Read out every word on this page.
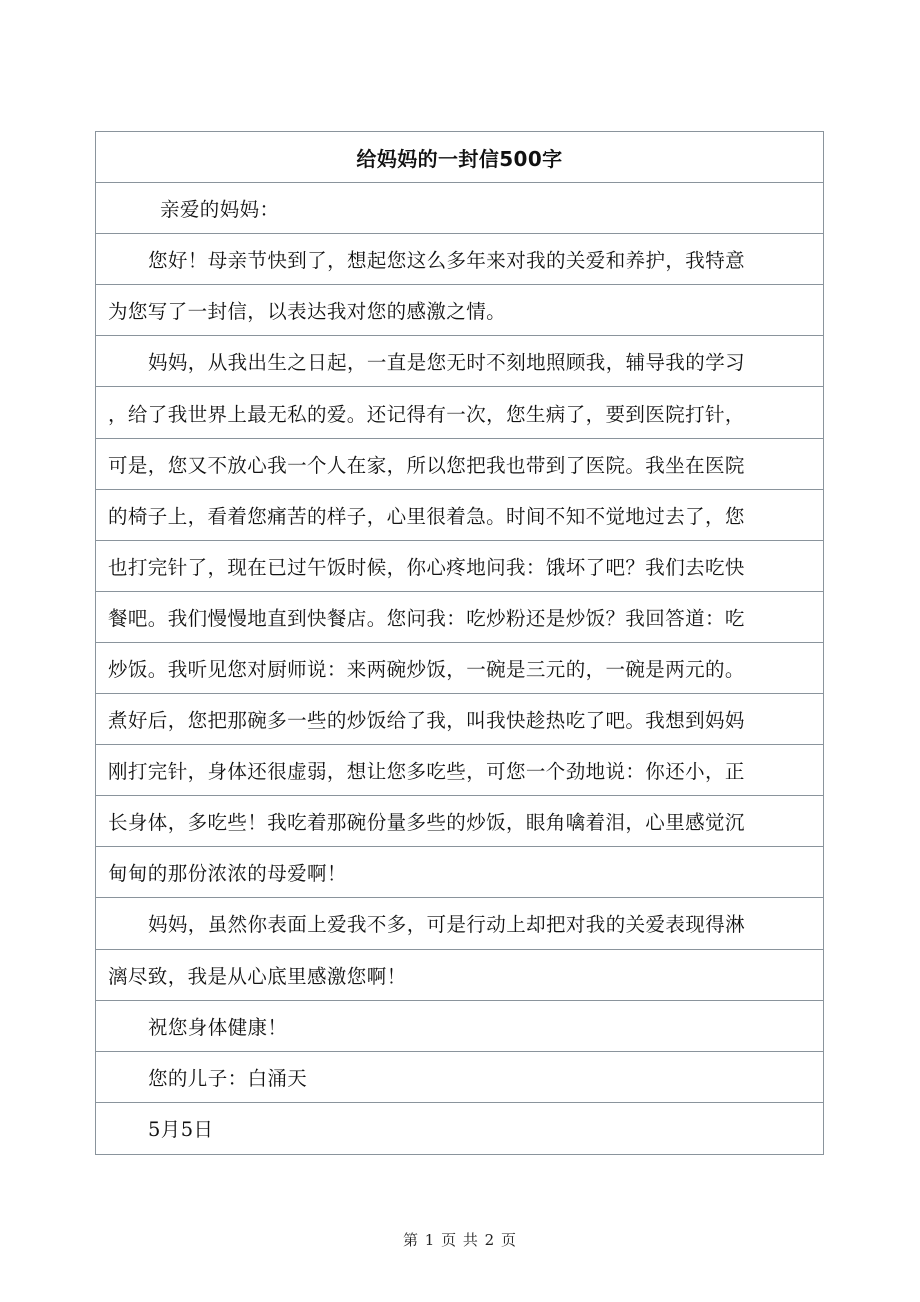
给妈妈的一封信500字
亲爱的妈妈：
您好！母亲节快到了，想起您这么多年来对我的关爱和养护，我特意
为您写了一封信，以表达我对您的感激之情。
妈妈，从我出生之日起，一直是您无时不刻地照顾我，辅导我的学习
，给了我世界上最无私的爱。还记得有一次，您生病了，要到医院打针，
可是，您又不放心我一个人在家，所以您把我也带到了医院。我坐在医院
的椅子上，看着您痛苦的样子，心里很着急。时间不知不觉地过去了，您
也打完针了，现在已过午饭时候，你心疼地问我：饿坏了吧？我们去吃快
餐吧。我们慢慢地直到快餐店。您问我：吃炒粉还是炒饭？我回答道：吃
炒饭。我听见您对厨师说：来两碗炒饭，一碗是三元的，一碗是两元的。
煮好后，您把那碗多一些的炒饭给了我，叫我快趁热吃了吧。我想到妈妈
刚打完针，身体还很虚弱，想让您多吃些，可您一个劲地说：你还小，正
长身体，多吃些！我吃着那碗份量多些的炒饭，眼角噙着泪，心里感觉沉
甸甸的那份浓浓的母爱啊！
妈妈，虽然你表面上爱我不多，可是行动上却把对我的关爱表现得淋
漓尽致，我是从心底里感激您啊！
祝您身体健康！
您的儿子：白涌天
5月5日
第 1 页 共 2 页
